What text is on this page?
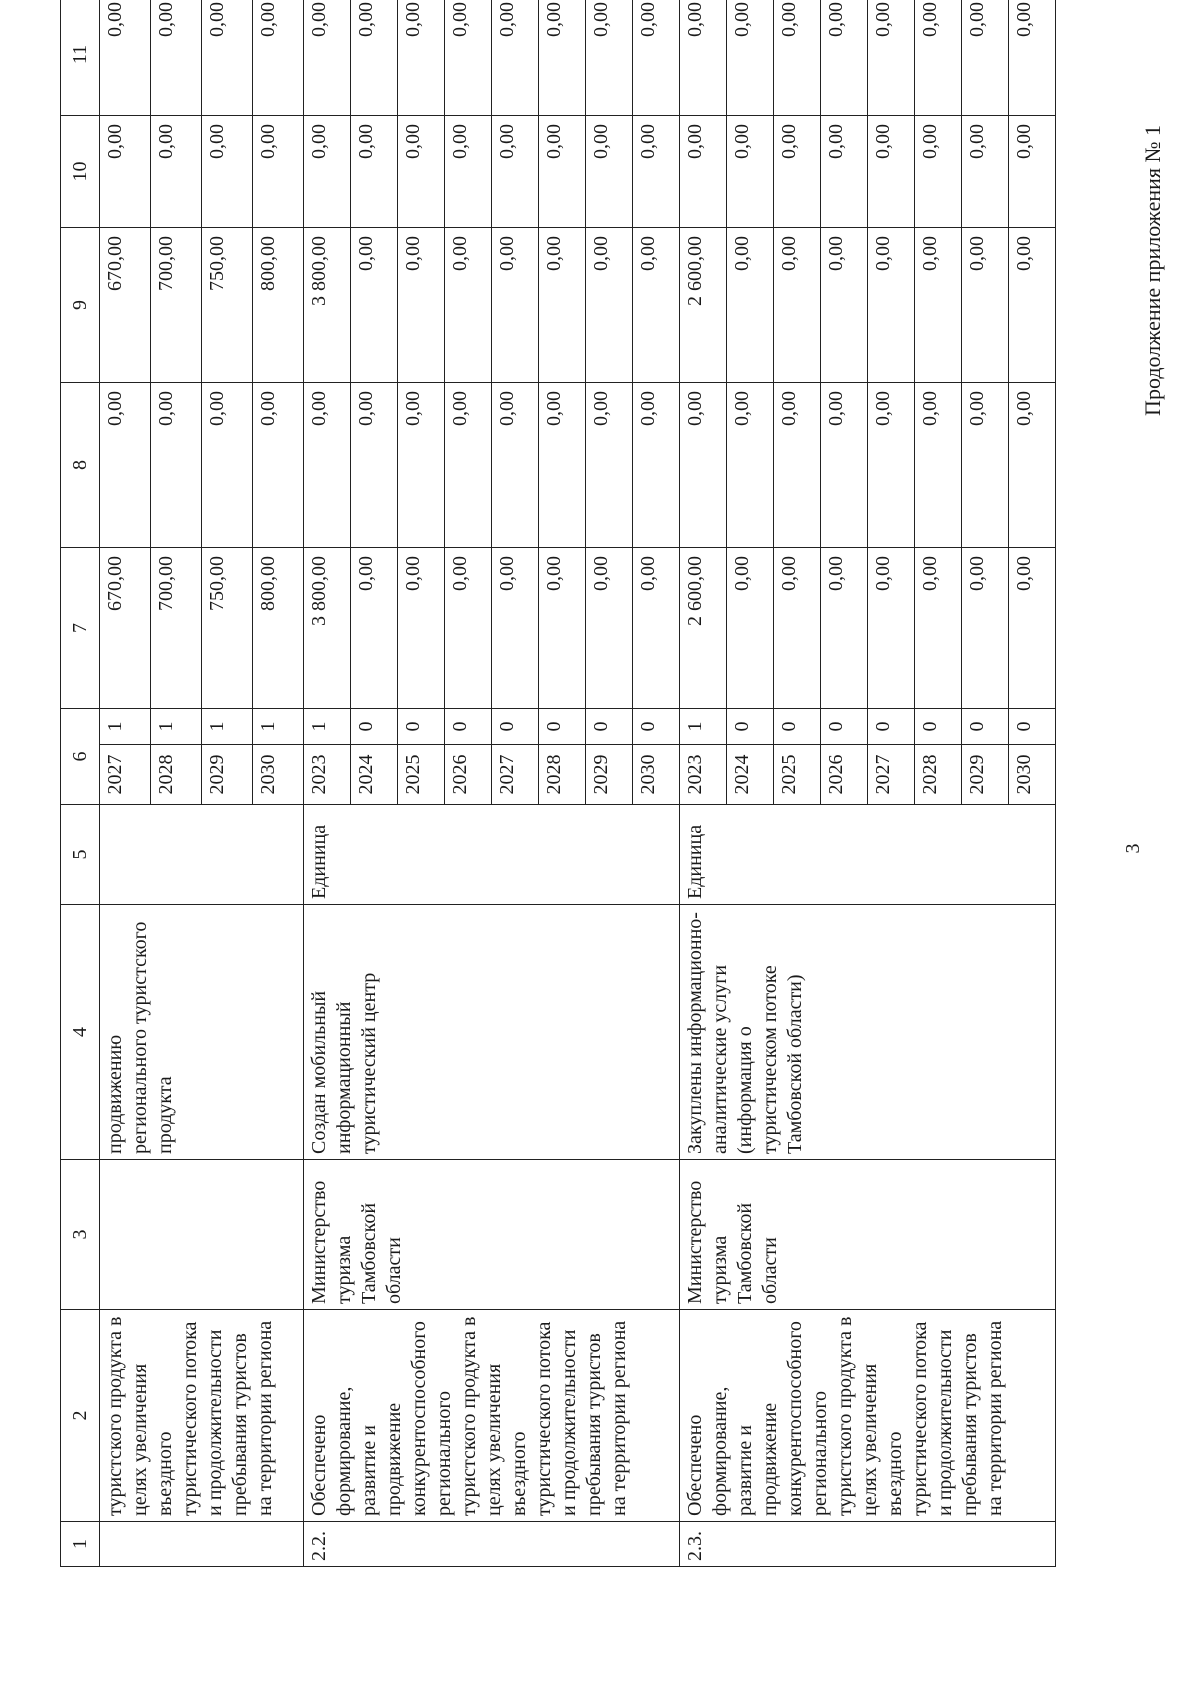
3
Продолжение приложения № 1
1	2	3	4	5	6		7	8	9	10	11
	туристского продукта в целях увеличения въездного туристического потока и продолжительности пребывания туристов на территории региона		продвижению регионального туристского продукта		2027	1	670,00	0,00	670,00	0,00	0,00
					2028	1	700,00	0,00	700,00	0,00	0,00
					2029	1	750,00	0,00	750,00	0,00	0,00
					2030	1	800,00	0,00	800,00	0,00	0,00
2.2.	Обеспечено формирование, развитие и продвижение конкурентоспособного регионального туристского продукта в целях увеличения въездного туристического потока и продолжительности пребывания туристов на территории региона	Министерство туризма Тамбовской области	Создан мобильный информационный туристический центр	Единица	2023	1	3 800,00	0,00	3 800,00	0,00	0,00
					2024	0	0,00	0,00	0,00	0,00	0,00
					2025	0	0,00	0,00	0,00	0,00	0,00
					2026	0	0,00	0,00	0,00	0,00	0,00
					2027	0	0,00	0,00	0,00	0,00	0,00
					2028	0	0,00	0,00	0,00	0,00	0,00
					2029	0	0,00	0,00	0,00	0,00	0,00
					2030	0	0,00	0,00	0,00	0,00	0,00
2.3.	Обеспечено формирование, развитие и продвижение конкурентоспособного регионального туристского продукта в целях увеличения въездного туристического потока и продолжительности пребывания туристов на территории региона	Министерство туризма Тамбовской области	Закуплены информационно-аналитические услуги (информация о туристическом потоке Тамбовской области)	Единица	2023	1	2 600,00	0,00	2 600,00	0,00	0,00
					2024	0	0,00	0,00	0,00	0,00	0,00
					2025	0	0,00	0,00	0,00	0,00	0,00
					2026	0	0,00	0,00	0,00	0,00	0,00
					2027	0	0,00	0,00	0,00	0,00	0,00
					2028	0	0,00	0,00	0,00	0,00	0,00
					2029	0	0,00	0,00	0,00	0,00	0,00
					2030	0	0,00	0,00	0,00	0,00	0,00
